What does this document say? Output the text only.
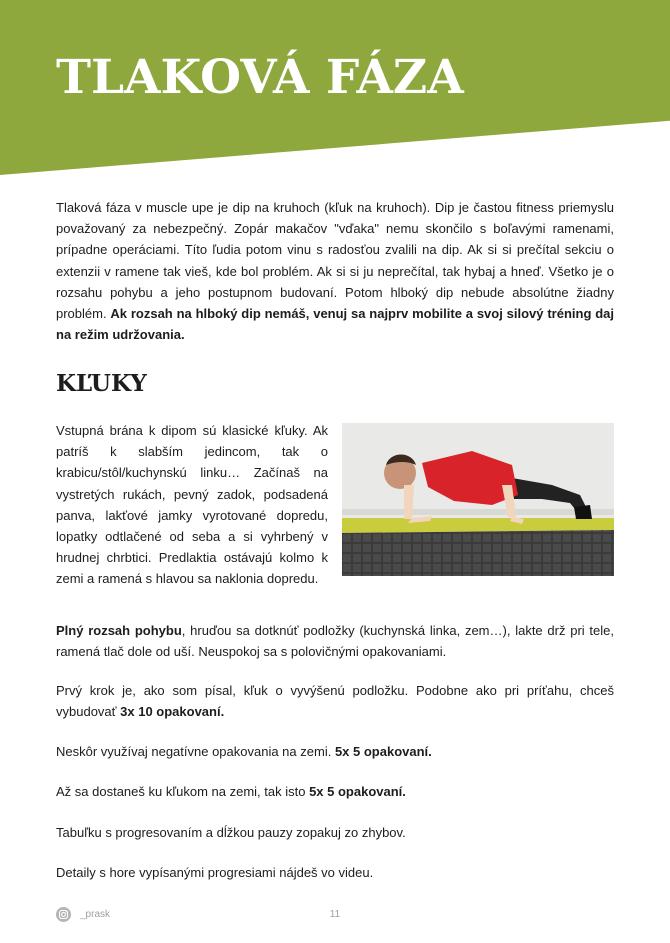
TLAKOVÁ FÁZA

Tlaková fáza v muscle upe je dip na kruhoch (kľuk na kruhoch). Dip je častou fitness priemyslu považovaný za nebezpečný. Zopár makačov "vďaka" nemu skončilo s boľavými ramenami, prípadne operáciami. Títo ľudia potom vinu s radosťou zvalili na dip. Ak si si prečítal sekciu o extenzii v ramene tak vieš, kde bol problém. Ak si si ju neprečítal, tak hybaj a hneď. Všetko je o rozsahu pohybu a jeho postupnom budovaní. Potom hlboký dip nebude absolútne žiadny problém. Ak rozsah na hlboký dip nemáš, venuj sa najprv mobilite a svoj silový tréning daj na režim udržovania.

KĽUKY

Vstupná brána k dipom sú klasické kľuky. Ak patríš k slabším jedincom, tak o krabicu/stôl/kuchynskú linku… Začínaš na vystretých rukách, pevný zadok, podsadená panva, lakťové jamky vyrotované dopredu, lopatky odtlačené od seba a si vyhrbený v hrudnej chrbtici. Predlaktia ostávajú kolmo k zemi a ramená s hlavou sa naklonia dopredu.

Plný rozsah pohybu, hruďou sa dotknúť podložky (kuchynská linka, zem…), lakte drž pri tele, ramená tlač dole od uší. Neuspokoj sa s polovičnými opakovaniami.

Prvý krok je, ako som písal, kľuk o vyvýšenú podložku. Podobne ako pri príťahu, chceš vybudovať 3x 10 opakovaní.

Neskôr využívaj negatívne opakovania na zemi. 5x 5 opakovaní.

Až sa dostaneš ku kľukom na zemi, tak isto 5x 5 opakovaní.

Tabuľku s progresovaním a dĺžkou pauzy zopakuj zo zhybov.

Detaily s hore vypísanými progresiami nájdeš vo videu.

_prask	11
